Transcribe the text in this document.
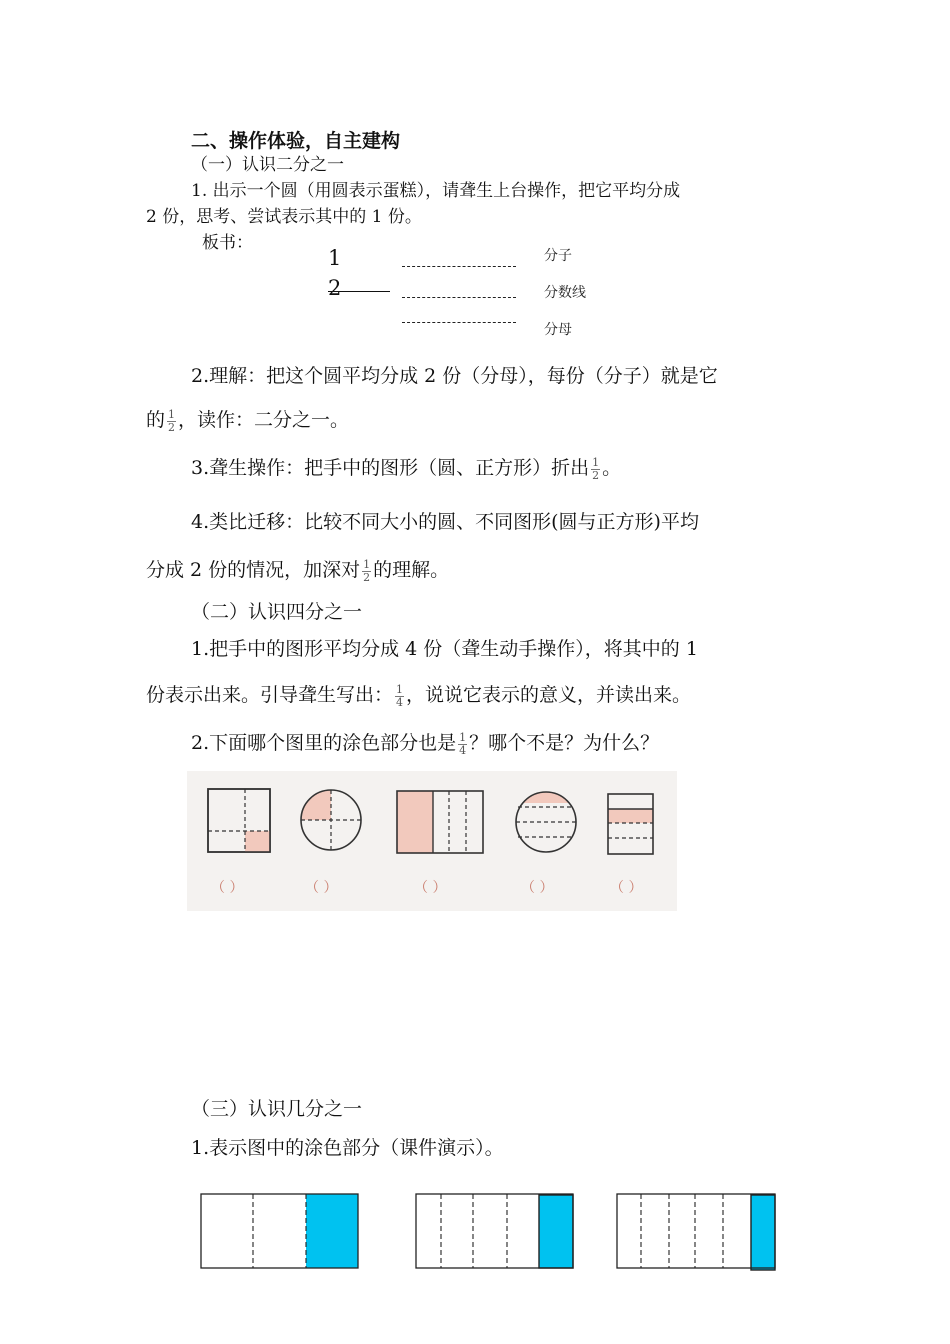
二、操作体验，自主建构
（一）认识二分之一
1. 出示一个圆（用圆表示蛋糕），请聋生上台操作，把它平均分成
2 份，思考、尝试表示其中的 1 份。
板书：
1
2
分子
分数线
分母
2.理解：把这个圆平均分成 2 份（分母），每份（分子）就是它
的 $\frac{1}{2}$ ，读作：二分之一。
3.聋生操作：把手中的图形（圆、正方形）折出 $\frac{1}{2}$ 。
4.类比迁移：比较不同大小的圆、不同图形(圆与正方形)平均
分成 2 份的情况，加深对 $\frac{1}{2}$ 的理解。
（二）认识四分之一
1.把手中的图形平均分成 4 份（聋生动手操作），将其中的 1
份表示出来。引导聋生写出： $\frac{1}{4}$ ，说说它表示的意义，并读出来。
2.下面哪个图里的涂色部分也是 $\frac{1}{4}$ ？哪个不是？为什么？
（ ）	（ ）	（ ）	（ ）	（ ）
（三）认识几分之一
1.表示图中的涂色部分（课件演示）。
